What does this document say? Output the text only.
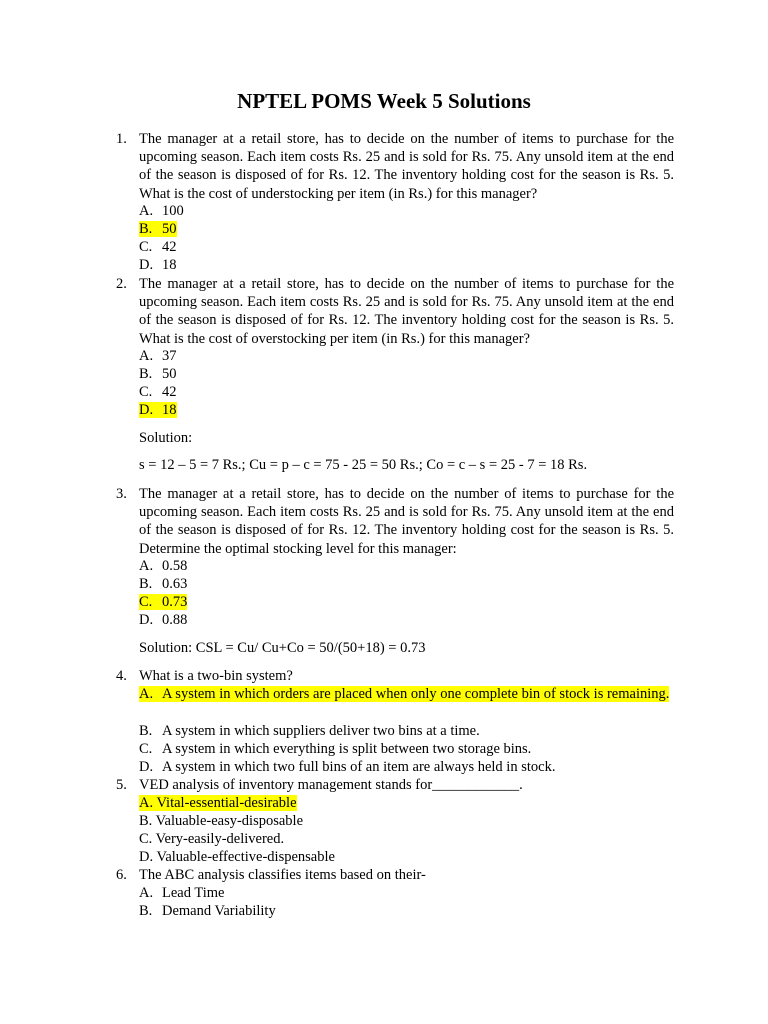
NPTEL POMS Week 5 Solutions
1. The manager at a retail store, has to decide on the number of items to purchase for the upcoming season. Each item costs Rs. 25 and is sold for Rs. 75. Any unsold item at the end of the season is disposed of for Rs. 12. The inventory holding cost for the season is Rs. 5. What is the cost of understocking per item (in Rs.) for this manager?

A. 100
B. 50
C. 42
D. 18
2. The manager at a retail store, has to decide on the number of items to purchase for the upcoming season. Each item costs Rs. 25 and is sold for Rs. 75. Any unsold item at the end of the season is disposed of for Rs. 12. The inventory holding cost for the season is Rs. 5. What is the cost of overstocking per item (in Rs.) for this manager?

A. 37
B. 50
C. 42
D. 18
Solution:
s = 12 – 5 = 7 Rs.; Cu = p – c = 75 - 25 = 50 Rs.; Co = c – s = 25 - 7 = 18 Rs.
3. The manager at a retail store, has to decide on the number of items to purchase for the upcoming season. Each item costs Rs. 25 and is sold for Rs. 75. Any unsold item at the end of the season is disposed of for Rs. 12. The inventory holding cost for the season is Rs. 5. Determine the optimal stocking level for this manager:

A. 0.58
B. 0.63
C. 0.73
D. 0.88
Solution: CSL = Cu/ Cu+Co = 50/(50+18) = 0.73
4. What is a two-bin system?
A. A system in which orders are placed when only one complete bin of stock is remaining.
B. A system in which suppliers deliver two bins at a time.
C. A system in which everything is split between two storage bins.
D. A system in which two full bins of an item are always held in stock.
5. VED analysis of inventory management stands for____________.
A. Vital-essential-desirable
B. Valuable-easy-disposable
C. Very-easily-delivered.
D. Valuable-effective-dispensable
6. The ABC analysis classifies items based on their-
A. Lead Time
B. Demand Variability
